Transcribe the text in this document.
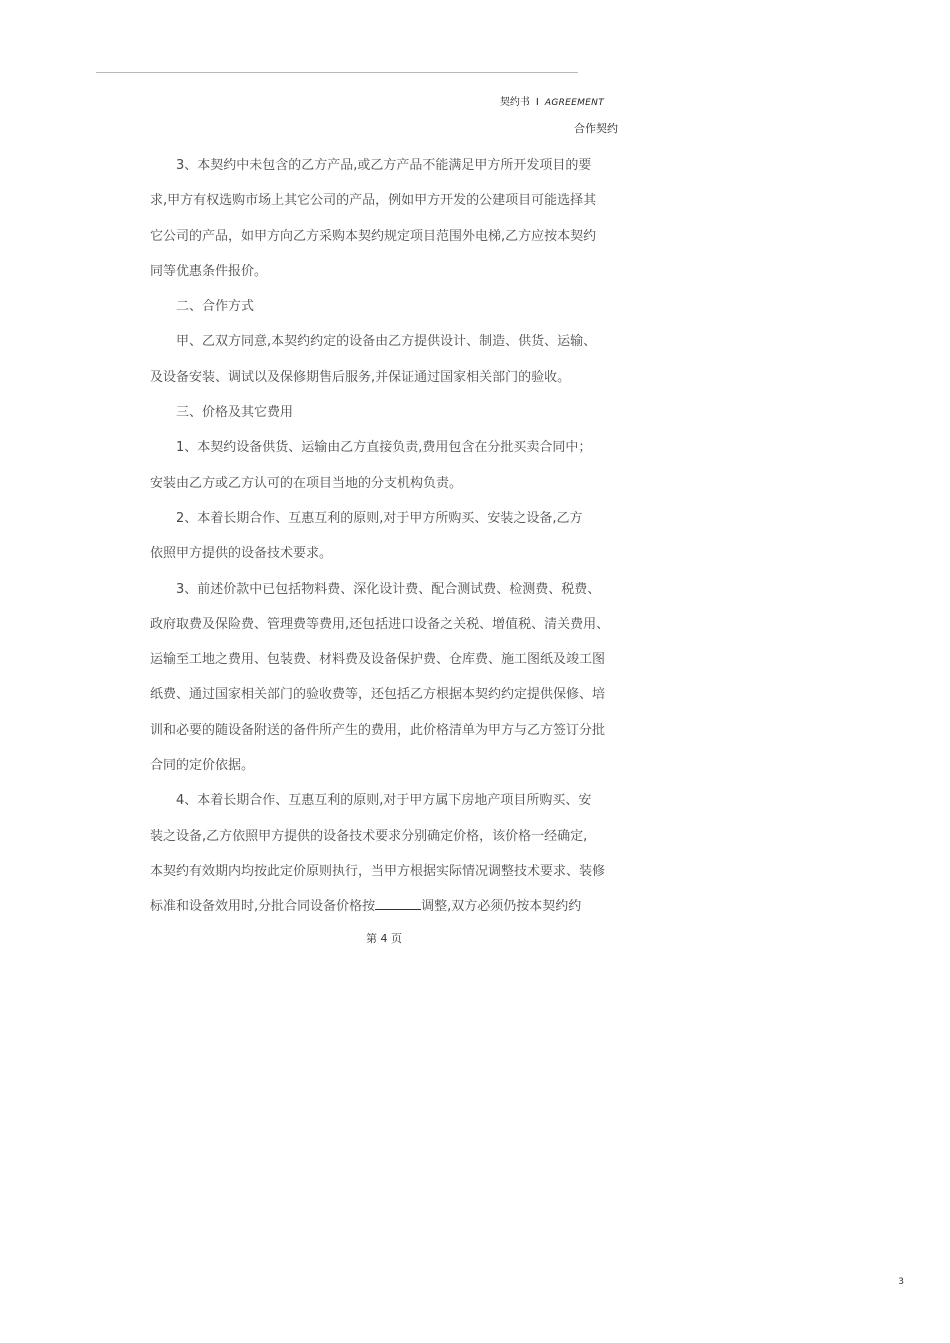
契约书 I AGREEMENT
合作契约
3、本契约中未包含的乙方产品,或乙方产品不能满足甲方所开发项目的要
求,甲方有权选购市场上其它公司的产品，例如甲方开发的公建项目可能选择其
它公司的产品，如甲方向乙方采购本契约规定项目范围外电梯,乙方应按本契约
同等优惠条件报价。
二、合作方式
甲、乙双方同意,本契约约定的设备由乙方提供设计、制造、供货、运输、
及设备安装、调试以及保修期售后服务,并保证通过国家相关部门的验收。
三、价格及其它费用
1、本契约设备供货、运输由乙方直接负责,费用包含在分批买卖合同中；
安装由乙方或乙方认可的在项目当地的分支机构负责。
2、本着长期合作、互惠互利的原则,对于甲方所购买、安装之设备,乙方
依照甲方提供的设备技术要求。
3、前述价款中已包括物料费、深化设计费、配合测试费、检测费、税费、
政府取费及保险费、管理费等费用,还包括进口设备之关税、增值税、清关费用、
运输至工地之费用、包装费、材料费及设备保护费、仓库费、施工图纸及竣工图
纸费、通过国家相关部门的验收费等，还包括乙方根据本契约约定提供保修、培
训和必要的随设备附送的备件所产生的费用，此价格清单为甲方与乙方签订分批
合同的定价依据。
4、本着长期合作、互惠互利的原则,对于甲方属下房地产项目所购买、安
装之设备,乙方依照甲方提供的设备技术要求分别确定价格，该价格一经确定,
本契约有效期内均按此定价原则执行，当甲方根据实际情况调整技术要求、装修
标准和设备效用时,分批合同设备价格按	调整,双方必须仍按本契约约
第 4 页
3
